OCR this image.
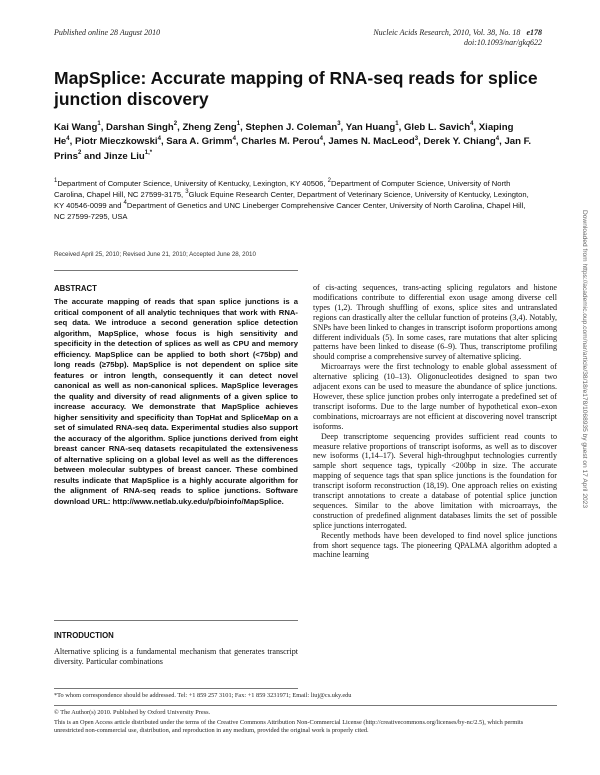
Published online 28 August 2010	Nucleic Acids Research, 2010, Vol. 38, No. 18 e178
doi:10.1093/nar/gkq622
MapSplice: Accurate mapping of RNA-seq reads for splice junction discovery
Kai Wang$^1$, Darshan Singh$^2$, Zheng Zeng$^1$, Stephen J. Coleman$^3$, Yan Huang$^1$, Gleb L. Savich$^4$, Xiaping He$^4$, Piotr Mieczkowski$^4$, Sara A. Grimm$^4$, Charles M. Perou$^4$, James N. MacLeod$^3$, Derek Y. Chiang$^4$, Jan F. Prins$^2$ and Jinze Liu$^{1,*}$
$^1$Department of Computer Science, University of Kentucky, Lexington, KY 40506, $^2$Department of Computer Science, University of North Carolina, Chapel Hill, NC 27599-3175, $^3$Gluck Equine Research Center, Department of Veterinary Science, University of Kentucky, Lexington, KY 40546-0099 and $^4$Department of Genetics and UNC Lineberger Comprehensive Cancer Center, University of North Carolina, Chapel Hill, NC 27599-7295, USA
Received April 25, 2010; Revised June 21, 2010; Accepted June 28, 2010
ABSTRACT
The accurate mapping of reads that span splice junctions is a critical component of all analytic techniques that work with RNA-seq data. We introduce a second generation splice detection algorithm, MapSplice, whose focus is high sensitivity and specificity in the detection of splices as well as CPU and memory efficiency. MapSplice can be applied to both short (<75bp) and long reads (≥75bp). MapSplice is not dependent on splice site features or intron length, consequently it can detect novel canonical as well as non-canonical splices. MapSplice leverages the quality and diversity of read alignments of a given splice to increase accuracy. We demonstrate that MapSplice achieves higher sensitivity and specificity than TopHat and SpliceMap on a set of simulated RNA-seq data. Experimental studies also support the accuracy of the algorithm. Splice junctions derived from eight breast cancer RNA-seq datasets recapitulated the extensiveness of alternative splicing on a global level as well as the differences between molecular subtypes of breast cancer. These combined results indicate that MapSplice is a highly accurate algorithm for the alignment of RNA-seq reads to splice junctions. Software download URL: http://www.netlab.uky.edu/p/bioinfo/MapSplice.
INTRODUCTION
Alternative splicing is a fundamental mechanism that generates transcript diversity. Particular combinations

of cis-acting sequences, trans-acting splicing regulators and histone modifications contribute to differential exon usage among diverse cell types (1,2). Through shuffling of exons, splice sites and untranslated regions can drastically alter the cellular function of proteins (3,4). Notably, SNPs have been linked to changes in transcript isoform proportions among different individuals (5). In some cases, rare mutations that alter splicing patterns have been linked to disease (6–9). Thus, transcriptome profiling should comprise a comprehensive survey of alternative splicing.

Microarrays were the first technology to enable global assessment of alternative splicing (10–13). Oligonucleotides designed to span two adjacent exons can be used to measure the abundance of splice junctions. However, these splice junction probes only interrogate a predefined set of transcript isoforms. Due to the large number of hypothetical exon–exon combinations, microarrays are not efficient at discovering novel transcript isoforms.

Deep transcriptome sequencing provides sufficient read counts to measure relative proportions of transcript isoforms, as well as to discover new isoforms (1,14–17). Several high-throughput technologies currently sample short sequence tags, typically <200bp in size. The accurate mapping of sequence tags that span splice junctions is the foundation for transcript isoform reconstruction (18,19). One approach relies on existing transcript annotations to create a database of potential splice junction sequences. Similar to the above limitation with microarrays, the construction of predefined alignment databases limits the set of possible splice junctions interrogated.

Recently methods have been developed to find novel splice junctions from short sequence tags. The pioneering QPALMA algorithm adopted a machine learning

*To whom correspondence should be addressed. Tel: +1 859 257 3101; Fax: +1 859 3231971; Email: liuj@cs.uky.edu
© The Author(s) 2010. Published by Oxford University Press.
This is an Open Access article distributed under the terms of the Creative Commons Attribution Non-Commercial License (http://creativecommons.org/licenses/by-nc/2.5), which permits unrestricted non-commercial use, distribution, and reproduction in any medium, provided the original work is properly cited.
Downloaded from https://academic.oup.com/nar/article/38/18/e178/1068935 by guest on 17 April 2023
